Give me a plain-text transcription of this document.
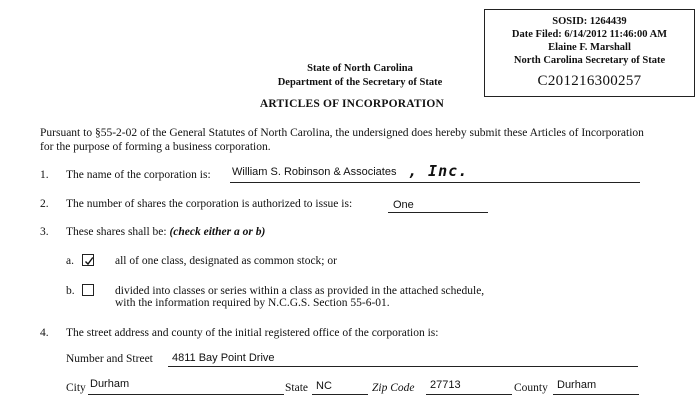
SOSID: 1264439
Date Filed: 6/14/2012 11:46:00 AM
Elaine F. Marshall
North Carolina Secretary of State
C201216300257
State of North Carolina
Department of the Secretary of State
ARTICLES OF INCORPORATION
Pursuant to §55-2-02 of the General Statutes of North Carolina, the undersigned does hereby submit these Articles of Incorporation for the purpose of forming a business corporation.
1. The name of the corporation is: William S. Robinson & Associates , Inc.
2. The number of shares the corporation is authorized to issue is:	One
3. These shares shall be: (check either a or b)
a.	all of one class, designated as common stock; or
b.	divided into classes or series within a class as provided in the attached schedule,
with the information required by N.C.G.S. Section 55-6-01.
4. The street address and county of the initial registered office of the corporation is:
Number and Street 4811 Bay Point Drive
City Durham	State NC	Zip Code 27713	County Durham
